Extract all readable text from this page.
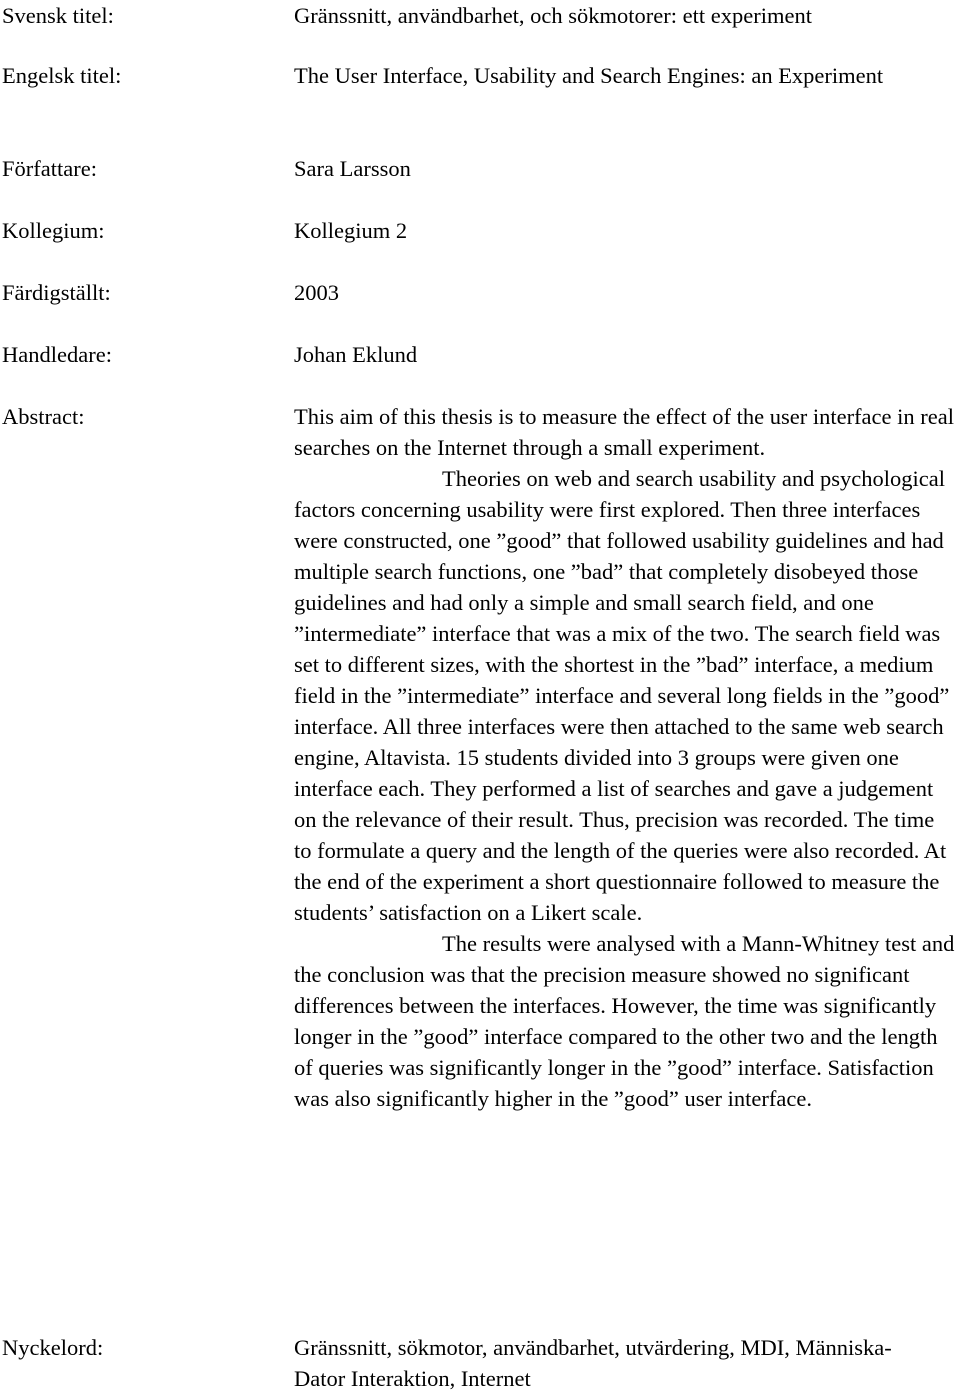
Svensk titel:	Gränssnitt, användbarhet, och sökmotorer: ett experiment
Engelsk titel:	The User Interface, Usability and Search Engines: an Experiment
Författare:	Sara Larsson
Kollegium:	Kollegium 2
Färdigställt:	2003
Handledare:	Johan Eklund
Abstract:	This aim of this thesis is to measure the effect of the user interface in real searches on the Internet through a small experiment.

Theories on web and search usability and psychological factors concerning usability were first explored. Then three interfaces were constructed, one ”good” that followed usability guidelines and had multiple search functions, one ”bad” that completely disobeyed those guidelines and had only a simple and small search field, and one ”intermediate” interface that was a mix of the two. The search field was set to different sizes, with the shortest in the ”bad” interface, a medium field in the ”intermediate” interface and several long fields in the ”good” interface. All three interfaces were then attached to the same web search engine, Altavista. 15 students divided into 3 groups were given one interface each. They performed a list of searches and gave a judgement on the relevance of their result. Thus, precision was recorded. The time to formulate a query and the length of the queries were also recorded. At the end of the experiment a short questionnaire followed to measure the students’ satisfaction on a Likert scale.

The results were analysed with a Mann-Whitney test and the conclusion was that the precision measure showed no significant differences between the interfaces. However, the time was significantly longer in the ”good” interface compared to the other two and the length of queries was significantly longer in the ”good” interface. Satisfaction was also significantly higher in the ”good” user interface.

Nyckelord:	Gränssnitt, sökmotor, användbarhet, utvärdering, MDI, Människa-Dator Interaktion, Internet
